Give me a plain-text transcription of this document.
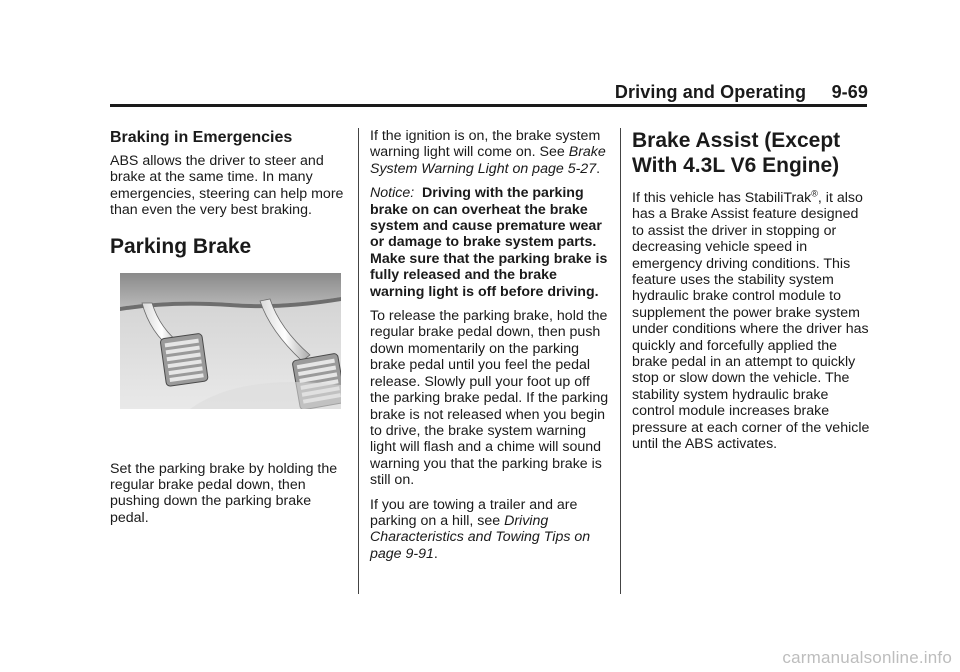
Driving and Operating 9-69
Braking in Emergencies

ABS allows the driver to steer and brake at the same time. In many emergencies, steering can help more than even the very best braking.

Parking Brake

Set the parking brake by holding the regular brake pedal down, then pushing down the parking brake pedal.

If the ignition is on, the brake system warning light will come on. See Brake System Warning Light on page 5-27.

Notice: Driving with the parking brake on can overheat the brake system and cause premature wear or damage to brake system parts. Make sure that the parking brake is fully released and the brake warning light is off before driving.

To release the parking brake, hold the regular brake pedal down, then push down momentarily on the parking brake pedal until you feel the pedal release. Slowly pull your foot up off the parking brake pedal. If the parking brake is not released when you begin to drive, the brake system warning light will flash and a chime will sound warning you that the parking brake is still on.

If you are towing a trailer and are parking on a hill, see Driving Characteristics and Towing Tips on page 9-91.

Brake Assist (Except With 4.3L V6 Engine)

If this vehicle has StabiliTrak®, it also has a Brake Assist feature designed to assist the driver in stopping or decreasing vehicle speed in emergency driving conditions. This feature uses the stability system hydraulic brake control module to supplement the power brake system under conditions where the driver has quickly and forcefully applied the brake pedal in an attempt to quickly stop or slow down the vehicle. The stability system hydraulic brake control module increases brake pressure at each corner of the vehicle until the ABS activates.

carmanualsonline.info
